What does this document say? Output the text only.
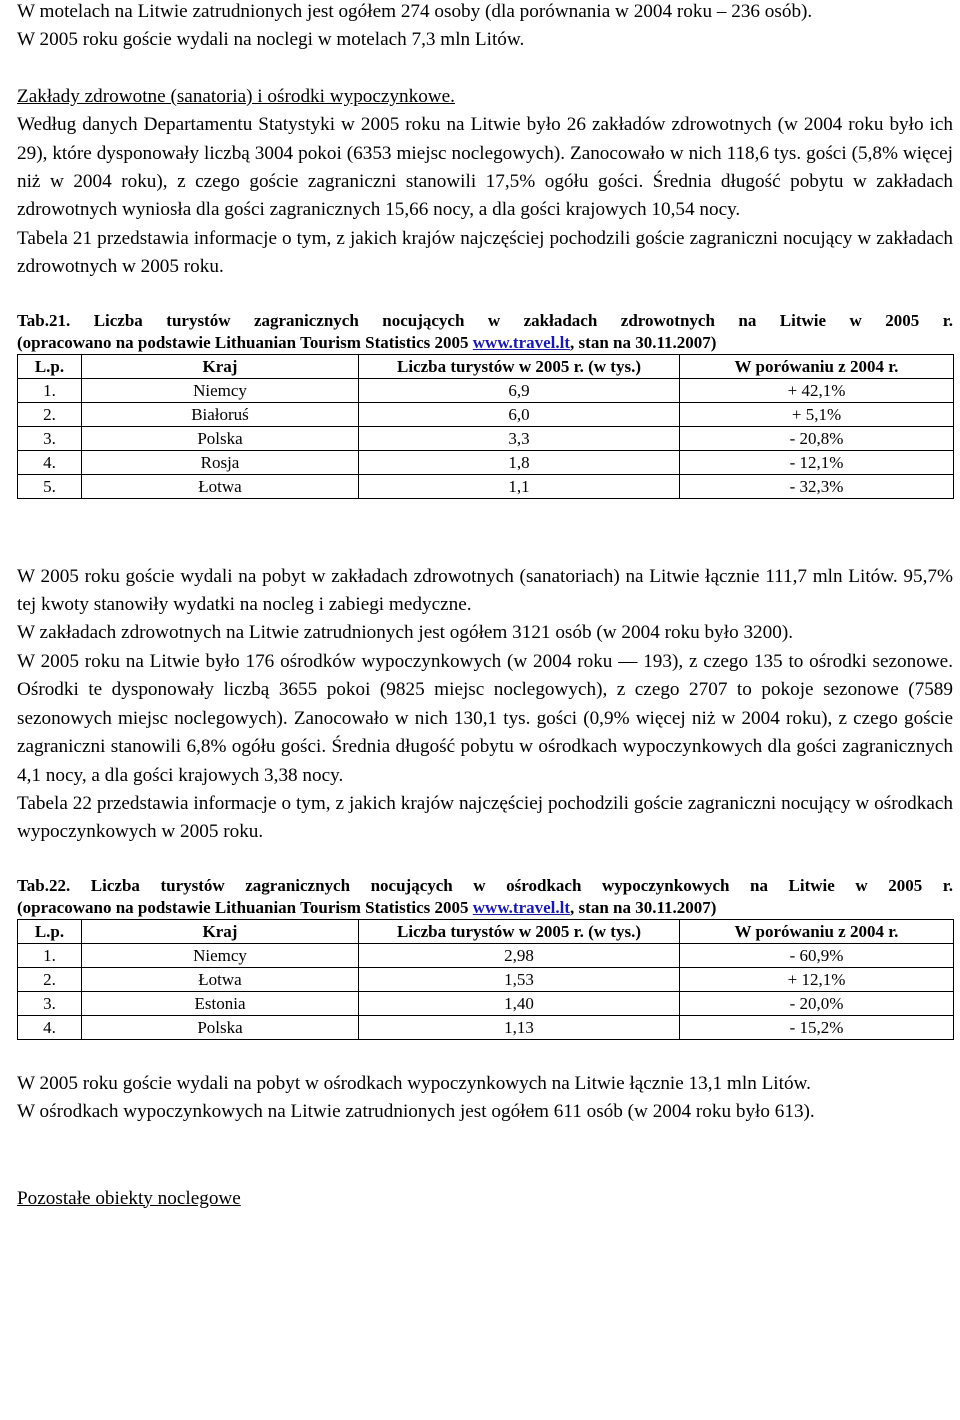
W motelach na Litwie zatrudnionych jest ogółem 274 osoby (dla porównania w 2004 roku – 236 osób).

W 2005 roku goście wydali na noclegi w motelach 7,3 mln Litów.

Zakłady zdrowotne (sanatoria) i ośrodki wypoczynkowe.

Według danych Departamentu Statystyki w 2005 roku na Litwie było 26 zakładów zdrowotnych (w 2004 roku było ich 29), które dysponowały liczbą 3004 pokoi (6353 miejsc noclegowych). Zanocowało w nich 118,6 tys. gości (5,8% więcej niż w 2004 roku), z czego goście zagraniczni stanowili 17,5% ogółu gości. Średnia długość pobytu w zakładach zdrowotnych wyniosła dla gości zagranicznych 15,66 nocy, a dla gości krajowych 10,54 nocy.

Tabela 21 przedstawia informacje o tym, z jakich krajów najczęściej pochodzili goście zagraniczni nocujący w zakładach zdrowotnych w 2005 roku.

Tab.21. Liczba turystów zagranicznych nocujących w zakładach zdrowotnych na Litwie w 2005 r.

(opracowano na podstawie Lithuanian Tourism Statistics 2005 www.travel.lt, stan na 30.11.2007)

L.p.	Kraj	Liczba turystów w 2005 r. (w tys.)	W porówaniu z 2004 r.
1.	Niemcy	6,9	+ 42,1%
2.	Białoruś	6,0	+ 5,1%
3.	Polska	3,3	- 20,8%
4.	Rosja	1,8	- 12,1%
5.	Łotwa	1,1	- 32,3%

W 2005 roku goście wydali na pobyt w zakładach zdrowotnych (sanatoriach) na Litwie łącznie 111,7 mln Litów. 95,7% tej kwoty stanowiły wydatki na nocleg i zabiegi medyczne.

W zakładach zdrowotnych na Litwie zatrudnionych jest ogółem 3121 osób (w 2004 roku było 3200).

W 2005 roku na Litwie było 176 ośrodków wypoczynkowych (w 2004 roku — 193), z czego 135 to ośrodki sezonowe. Ośrodki te dysponowały liczbą 3655 pokoi (9825 miejsc noclegowych), z czego 2707 to pokoje sezonowe (7589 sezonowych miejsc noclegowych). Zanocowało w nich 130,1 tys. gości (0,9% więcej niż w 2004 roku), z czego goście zagraniczni stanowili 6,8% ogółu gości. Średnia długość pobytu w ośrodkach wypoczynkowych dla gości zagranicznych 4,1 nocy, a dla gości krajowych 3,38 nocy.

Tabela 22 przedstawia informacje o tym, z jakich krajów najczęściej pochodzili goście zagraniczni nocujący w ośrodkach wypoczynkowych w 2005 roku.

Tab.22. Liczba turystów zagranicznych nocujących w ośrodkach wypoczynkowych na Litwie w 2005 r.

(opracowano na podstawie Lithuanian Tourism Statistics 2005 www.travel.lt, stan na 30.11.2007)

L.p.	Kraj	Liczba turystów w 2005 r. (w tys.)	W porówaniu z 2004 r.
1.	Niemcy	2,98	- 60,9%
2.	Łotwa	1,53	+ 12,1%
3.	Estonia	1,40	- 20,0%
4.	Polska	1,13	- 15,2%

W 2005 roku goście wydali na pobyt w ośrodkach wypoczynkowych na Litwie łącznie 13,1 mln Litów.

W ośrodkach wypoczynkowych na Litwie zatrudnionych jest ogółem 611 osób (w 2004 roku było 613).

Pozostałe obiekty noclegowe
